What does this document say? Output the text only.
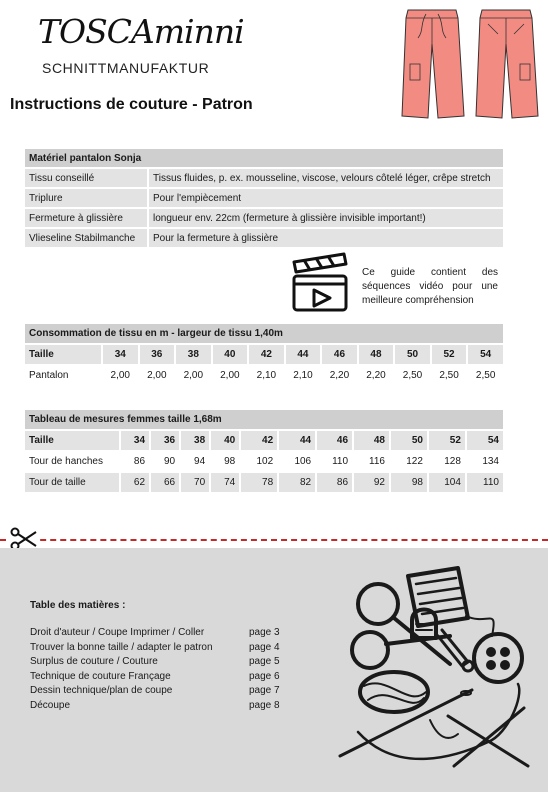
TOSCAminni
SCHNITTMANUFAKTUR
Instructions de couture - Patron
Matériel pantalon Sonja	
Tissu conseillé	Tissus fluides, p. ex. mousseline, viscose, velours côtelé léger, crêpe stretch
Triplure	Pour l'empiècement
Fermeture à glissière	longueur env. 22cm (fermeture à glissière invisible important!)
Vlieseline Stabilmanche	Pour la fermeture à glissière
Ce guide contient des séquences vidéo pour une meilleure compréhension
Consommation de tissu en m - largeur de tissu 1,40m											
Taille	34	36	38	40	42	44	46	48	50	52	54
Pantalon	2,00	2,00	2,00	2,00	2,10	2,10	2,20	2,20	2,50	2,50	2,50
Tableau de mesures femmes taille 1,68m											
Taille	34	36	38	40	42	44	46	48	50	52	54
Tour de hanches	86	90	94	98	102	106	110	116	122	128	134
Tour de taille	62	66	70	74	78	82	86	92	98	104	110
Table des matières :
Droit d'auteur / Coupe Imprimer / Coller	page 3
Trouver la bonne taille / adapter le patron	page 4
Surplus de couture / Couture	page 5
Technique de couture Françage	page 6
Dessin technique/plan de coupe	page 7
Découpe	page 8
